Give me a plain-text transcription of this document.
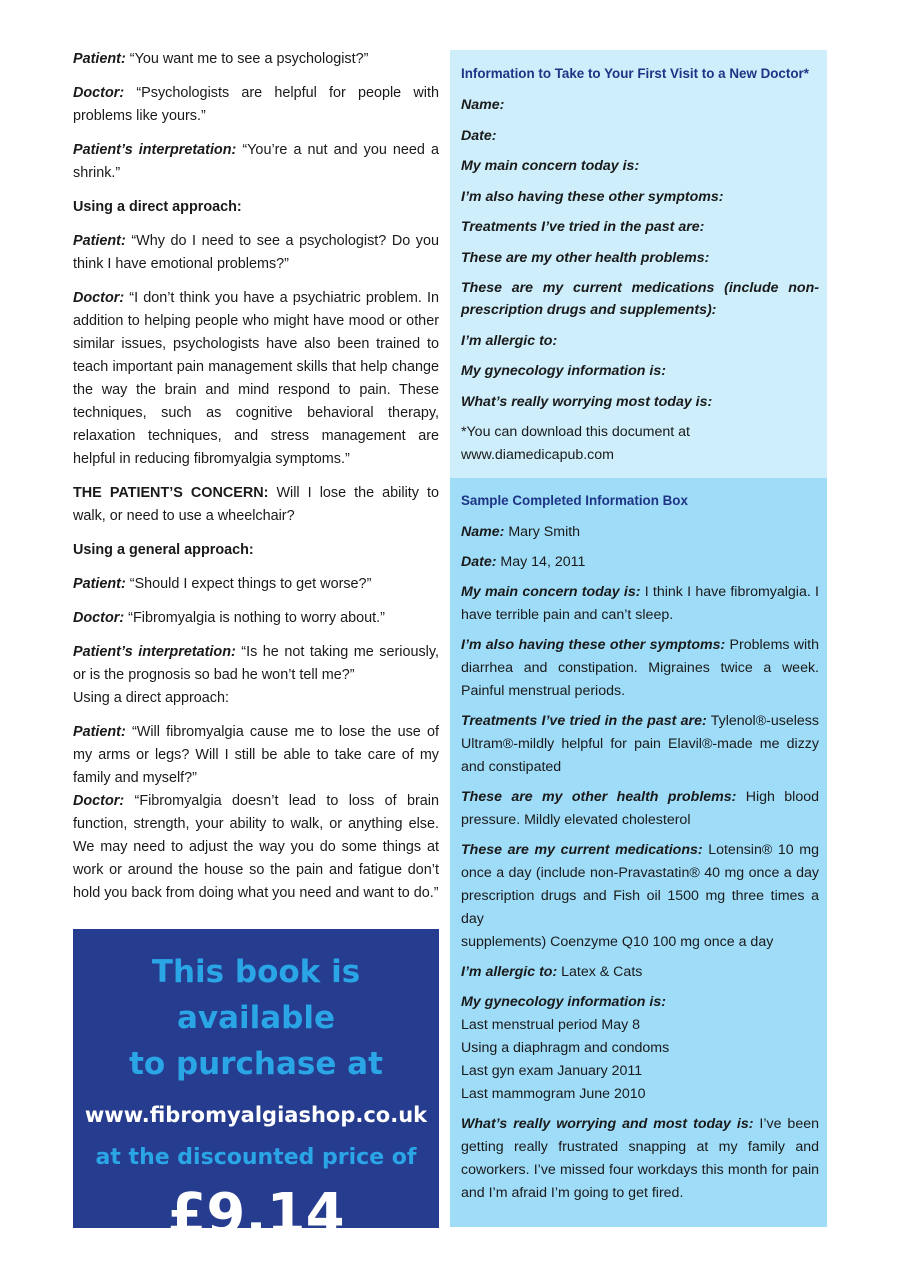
Patient: “You want me to see a psychologist?”

Doctor: “Psychologists are helpful for people with problems like yours.”

Patient’s interpretation: “You’re a nut and you need a shrink.”

Using a direct approach:

Patient: “Why do I need to see a psychologist? Do you think I have emotional problems?”

Doctor: “I don’t think you have a psychiatric problem. In addition to helping people who might have mood or other similar issues, psychologists have also been trained to teach important pain management skills that help change the way the brain and mind respond to pain. These techniques, such as cognitive behavioral therapy, relaxation techniques, and stress management are helpful in reducing fibromyalgia symptoms.”

THE PATIENT’S CONCERN: Will I lose the ability to walk, or need to use a wheelchair?

Using a general approach:

Patient: “Should I expect things to get worse?”

Doctor: “Fibromyalgia is nothing to worry about.”

Patient’s interpretation: “Is he not taking me seriously, or is the prognosis so bad he won’t tell me?”

Using a direct approach:

Patient: “Will fibromyalgia cause me to lose the use of my arms or legs? Will I still be able to take care of my family and myself?”

Doctor: “Fibromyalgia doesn’t lead to loss of brain function, strength, your ability to walk, or anything else. We may need to adjust the way you do some things at work or around the house so the pain and fatigue don’t hold you back from doing what you need and want to do.”

This book is available
to purchase at
www.fibromyalgiashop.co.uk
at the discounted price of
£9.14
Information to Take to Your First Visit to a New Doctor*
Name:
Date:
My main concern today is:
I’m also having these other symptoms:
Treatments I’ve tried in the past are:
These are my other health problems:
These are my current medications (include non-prescription drugs and supplements):
I’m allergic to:
My gynecology information is:
What’s really worrying most today is:
*You can download this document at
www.diamedicapub.com
Sample Completed Information Box

Name: Mary Smith

Date: May 14, 2011

My main concern today is: I think I have fibromyalgia. I have terrible pain and can’t sleep.

I’m also having these other symptoms: Problems with diarrhea and constipation. Migraines twice a week. Painful menstrual periods.

Treatments I’ve tried in the past are: Tylenol®-useless Ultram®-mildly helpful for pain Elavil®-made me dizzy and constipated

These are my other health problems: High blood pressure. Mildly elevated cholesterol

These are my current medications: Lotensin® 10 mg once a day (include non-Pravastatin® 40 mg once a day prescription drugs and Fish oil 1500 mg three times a day

supplements) Coenzyme Q10 100 mg once a day

I’m allergic to: Latex & Cats

My gynecology information is:
Last menstrual period May 8
Using a diaphragm and condoms
Last gyn exam January 2011
Last mammogram June 2010

What’s really worrying and most today is: I’ve been getting really frustrated snapping at my family and coworkers. I’ve missed four workdays this month for pain and I’m afraid I’m going to get fired.
